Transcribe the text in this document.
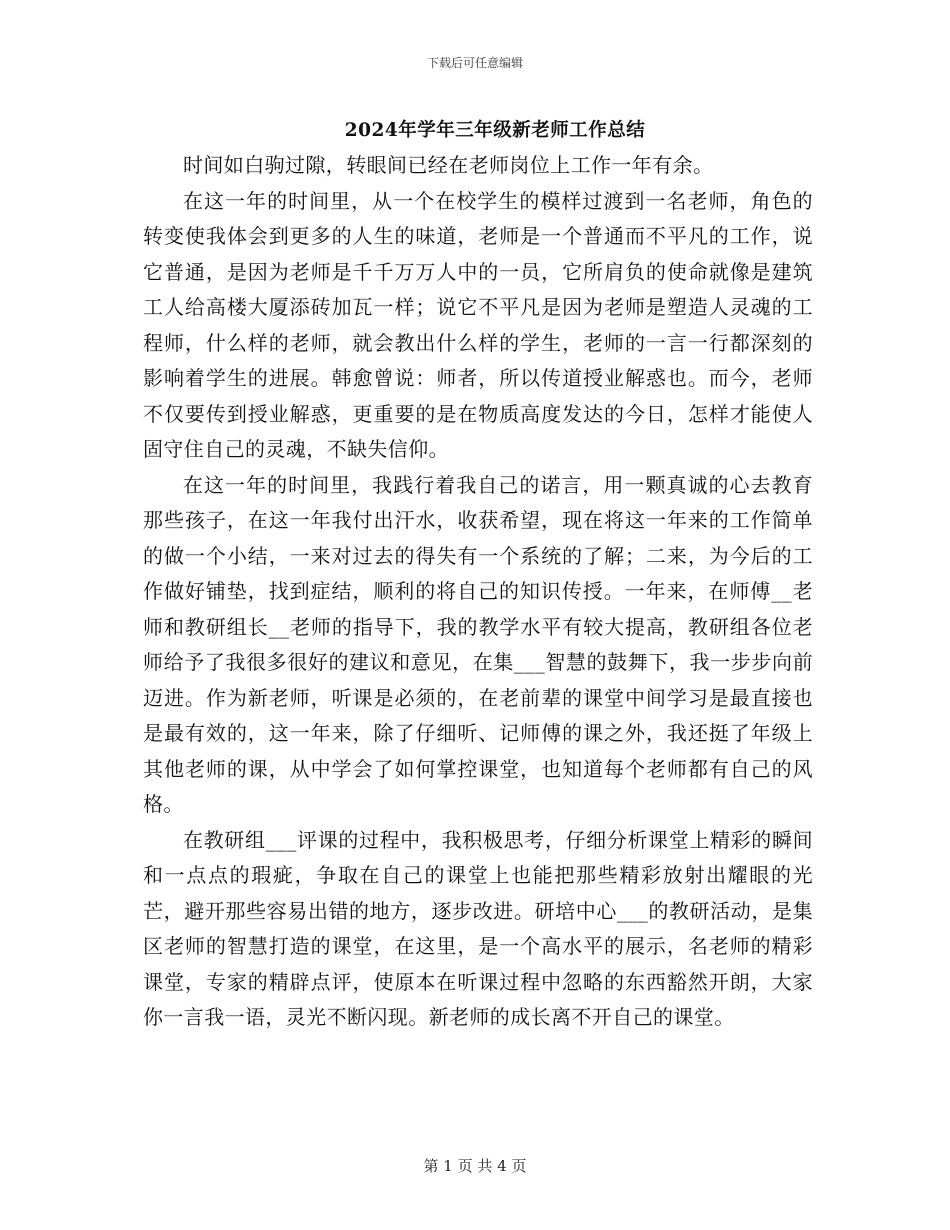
下载后可任意编辑
2024年学年三年级新老师工作总结

时间如白驹过隙，转眼间已经在老师岗位上工作一年有余。

在这一年的时间里，从一个在校学生的模样过渡到一名老师，角色的转变使我体会到更多的人生的味道，老师是一个普通而不平凡的工作，说它普通，是因为老师是千千万万人中的一员，它所肩负的使命就像是建筑工人给高楼大厦添砖加瓦一样；说它不平凡是因为老师是塑造人灵魂的工程师，什么样的老师，就会教出什么样的学生，老师的一言一行都深刻的影响着学生的进展。韩愈曾说：师者，所以传道授业解惑也。而今，老师不仅要传到授业解惑，更重要的是在物质高度发达的今日，怎样才能使人固守住自己的灵魂，不缺失信仰。

在这一年的时间里，我践行着我自己的诺言，用一颗真诚的心去教育那些孩子，在这一年我付出汗水，收获希望，现在将这一年来的工作简单的做一个小结，一来对过去的得失有一个系统的了解；二来，为今后的工作做好铺垫，找到症结，顺利的将自己的知识传授。一年来，在师傅__老师和教研组长__老师的指导下，我的教学水平有较大提高，教研组各位老师给予了我很多很好的建议和意见，在集___智慧的鼓舞下，我一步步向前迈进。作为新老师，听课是必须的，在老前辈的课堂中间学习是最直接也是最有效的，这一年来，除了仔细听、记师傅的课之外，我还挺了年级上其他老师的课，从中学会了如何掌控课堂，也知道每个老师都有自己的风格。

在教研组___评课的过程中，我积极思考，仔细分析课堂上精彩的瞬间和一点点的瑕疵，争取在自己的课堂上也能把那些精彩放射出耀眼的光芒，避开那些容易出错的地方，逐步改进。研培中心___的教研活动，是集区老师的智慧打造的课堂，在这里，是一个高水平的展示，名老师的精彩课堂，专家的精辟点评，使原本在听课过程中忽略的东西豁然开朗，大家你一言我一语，灵光不断闪现。新老师的成长离不开自己的课堂。

第 1 页 共 4 页
